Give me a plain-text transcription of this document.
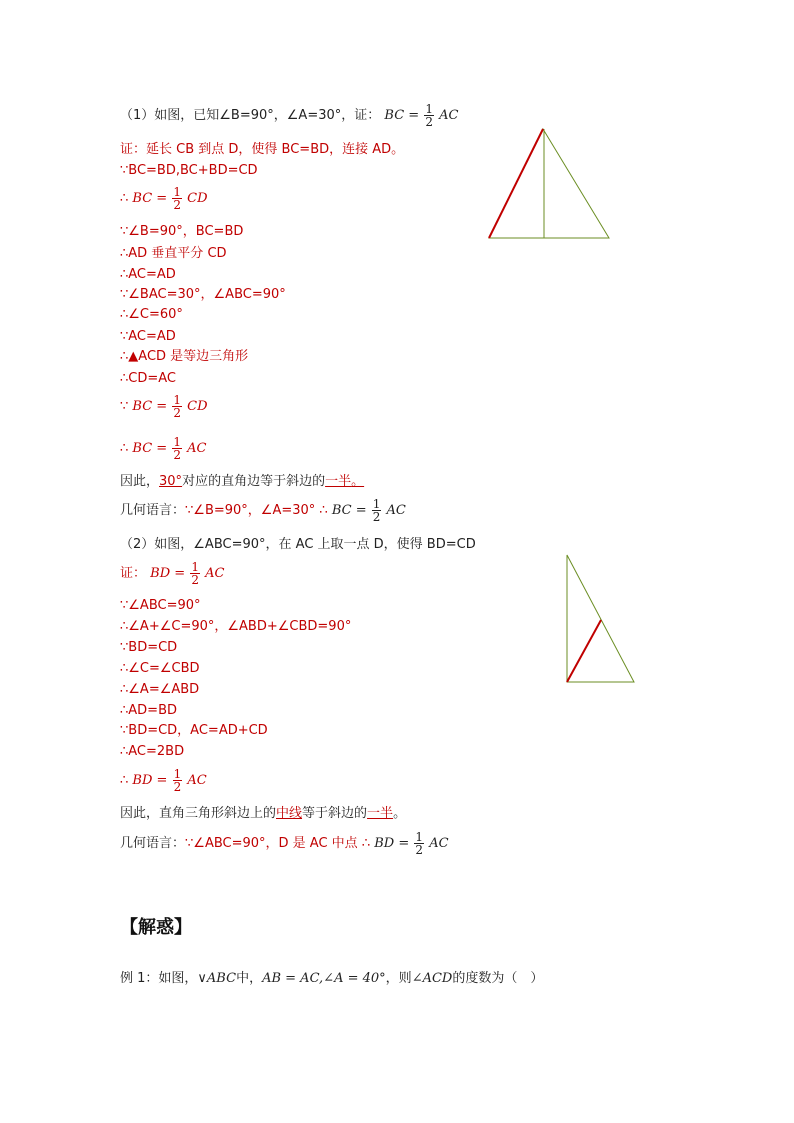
（1）如图，已知∠B=90°，∠A=30°，证： BC = $\frac{1}{2}$ AC
证：延长 CB 到点 D，使得 BC=BD，连接 AD。
∵BC=BD,BC+BD=CD
∴ BC = $\frac{1}{2}$ CD
∵∠B=90°，BC=BD
∴AD 垂直平分 CD
∴AC=AD
∵∠BAC=30°，∠ABC=90°
∴∠C=60°
∵AC=AD
∴▲ACD 是等边三角形
∴CD=AC
∵ BC = $\frac{1}{2}$ CD
∴ BC = $\frac{1}{2}$ AC
因此，30°对应的直角边等于斜边的一半。
几何语言：∵∠B=90°，∠A=30° ∴ BC = $\frac{1}{2}$ AC
（2）如图，∠ABC=90°，在 AC 上取一点 D，使得 BD=CD
证： BD = $\frac{1}{2}$ AC
∵∠ABC=90°
∴∠A+∠C=90°，∠ABD+∠CBD=90°
∵BD=CD
∴∠C=∠CBD
∴∠A=∠ABD
∴AD=BD
∵BD=CD，AC=AD+CD
∴AC=2BD
∴ BD = $\frac{1}{2}$ AC
因此，直角三角形斜边上的中线等于斜边的一半。
几何语言：∵∠ABC=90°，D 是 AC 中点 ∴ BD = $\frac{1}{2}$ AC
【解惑】
例 1：如图，∨ABC中，AB = AC,∠A = 40°，则∠ACD的度数为（　）
